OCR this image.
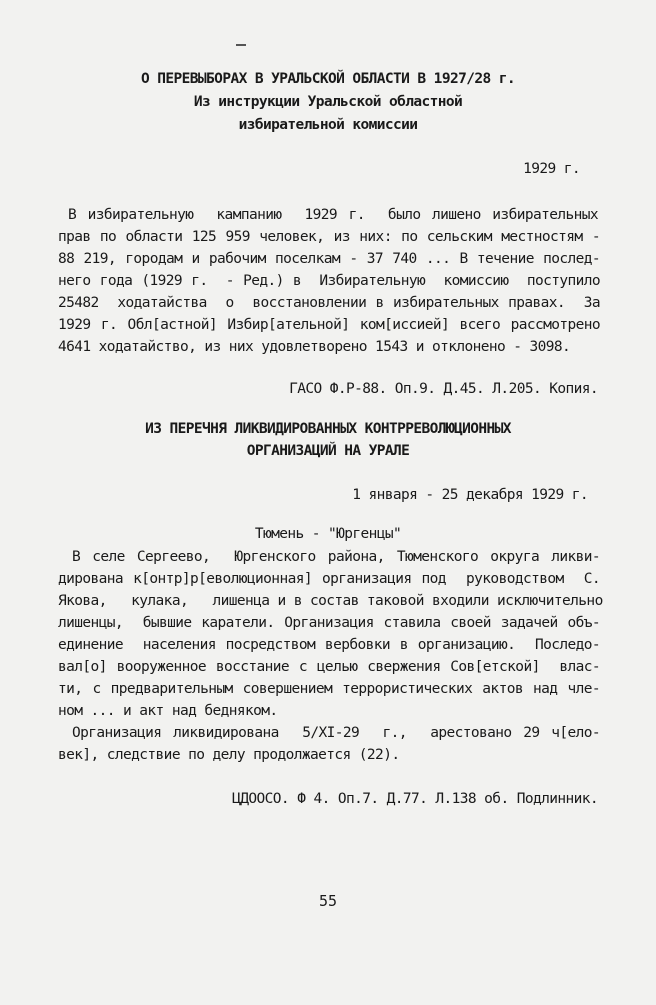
О ПЕРЕВЫБОРАХ В УРАЛЬСКОЙ ОБЛАСТИ В 1927/28 г.

Из инструкции Уральской областной

избирательной комиссии

1929 г.

В избирательную  кампанию  1929 г.  было лишено избирательных

прав по области 125 959 человек, из них: по сельским местностям -

88 219, городам и рабочим поселкам - 37 740 ... В течение послед-

него года (1929 г.  - Ред.) в  Избирательную  комиссию  поступило

25482  ходатайства  о  восстановлении в избирательных правах.  За

1929 г. Обл[астной] Избир[ательной] ком[иссией] всего рассмотрено

4641 ходатайство, из них удовлетворено 1543 и отклонено - 3098.

ГАСО Ф.Р-88. Оп.9. Д.45. Л.205. Копия.

ИЗ ПЕРЕЧНЯ ЛИКВИДИРОВАННЫХ КОНТРРЕВОЛЮЦИОННЫХ

ОРГАНИЗАЦИЙ НА УРАЛЕ

1 января - 25 декабря 1929 г.

Тюмень - "Юргенцы"

В селе Сергеево,  Юргенского района, Тюменского округа ликви-

дирована к[онтр]р[еволюционная] организация под  руководством  С.

Якова,   кулака,   лишенца и в состав таковой входили исключительно

лишенцы,  бывшие каратели. Организация ставила своей задачей объ-

единение  населения посредством вербовки в организацию.  Последо-

вал[о] вооруженное восстание с целью свержения Сов[етской]  влас-

ти, с предварительным совершением террористических актов над чле-

ном ... и акт над бедняком.

Организация ликвидирована  5/XI-29  г.,  арестовано 29 ч[ело-

век], следствие по делу продолжается (22).

ЦДООСО. Ф 4. Оп.7. Д.77. Л.138 об. Подлинник.

55
